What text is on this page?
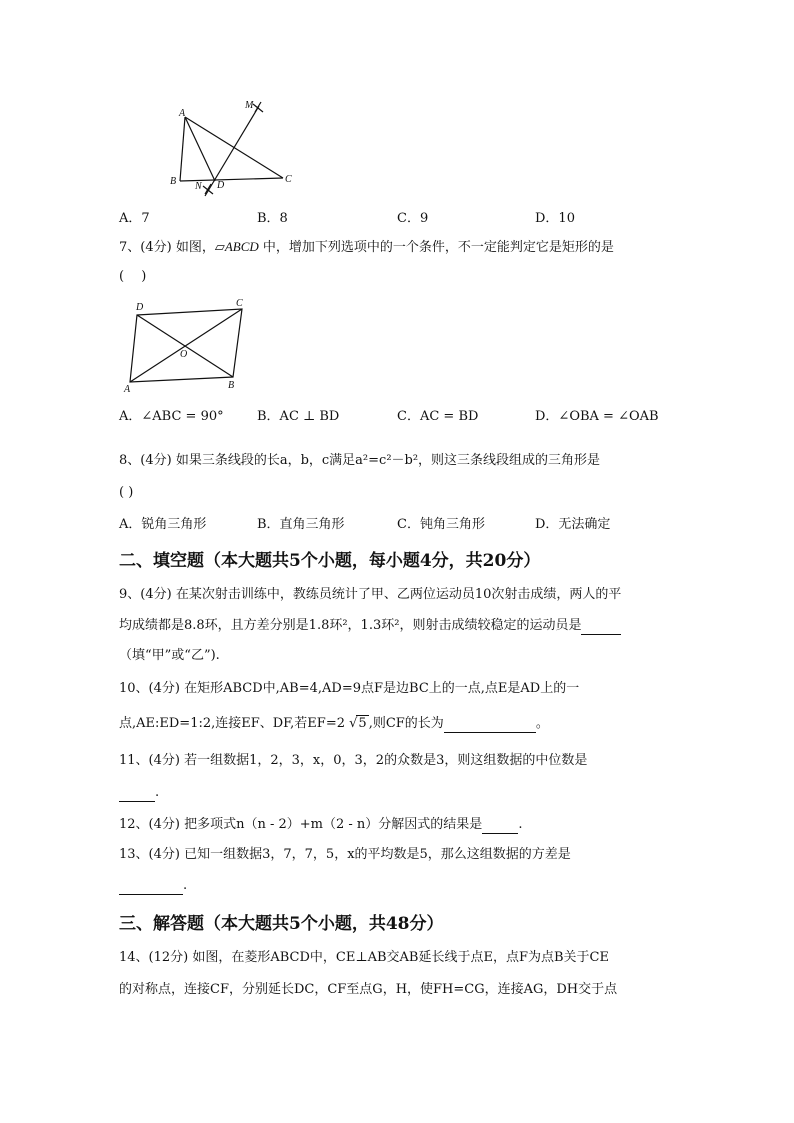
A
B	C
D
M
N
A．7	B．8	C．9	D．10
7、(4分) 如图，▱ABCD 中，增加下列选项中的一个条件，不一定能判定它是矩形的是
(　 )
D	C
O
A	B
A．∠ABC = 90°	B．AC ⊥ BD	C．AC = BD	D．∠OBA = ∠OAB
8、(4分) 如果三条线段的长a，b，c满足a²=c²－b²，则这三条线段组成的三角形是
( )
A．锐角三角形	B．直角三角形	C．钝角三角形	D．无法确定
二、填空题（本大题共5个小题，每小题4分，共20分）
9、(4分) 在某次射击训练中，教练员统计了甲、乙两位运动员10次射击成绩，两人的平
均成绩都是8.8环，且方差分别是1.8环²，1.3环²，则射击成绩较稳定的运动员是
（填“甲”或“乙”).
10、(4分) 在矩形ABCD中,AB=4,AD=9点F是边BC上的一点,点E是AD上的一
点,AE:ED=1:2,连接EF、DF,若EF=2 √5 ,则CF的长为	。
11、(4分) 若一组数据1，2，3，x，0，3，2的众数是3，则这组数据的中位数是
.
12、(4分) 把多项式n（n - 2）+m（2 - n）分解因式的结果是	.
13、(4分) 已知一组数据3，7，7，5，x的平均数是5，那么这组数据的方差是
.
三、解答题（本大题共5个小题，共48分）
14、(12分) 如图，在菱形ABCD中，CE⊥AB交AB延长线于点E，点F为点B关于CE
的对称点，连接CF，分别延长DC，CF至点G，H，使FH=CG，连接AG，DH交于点
